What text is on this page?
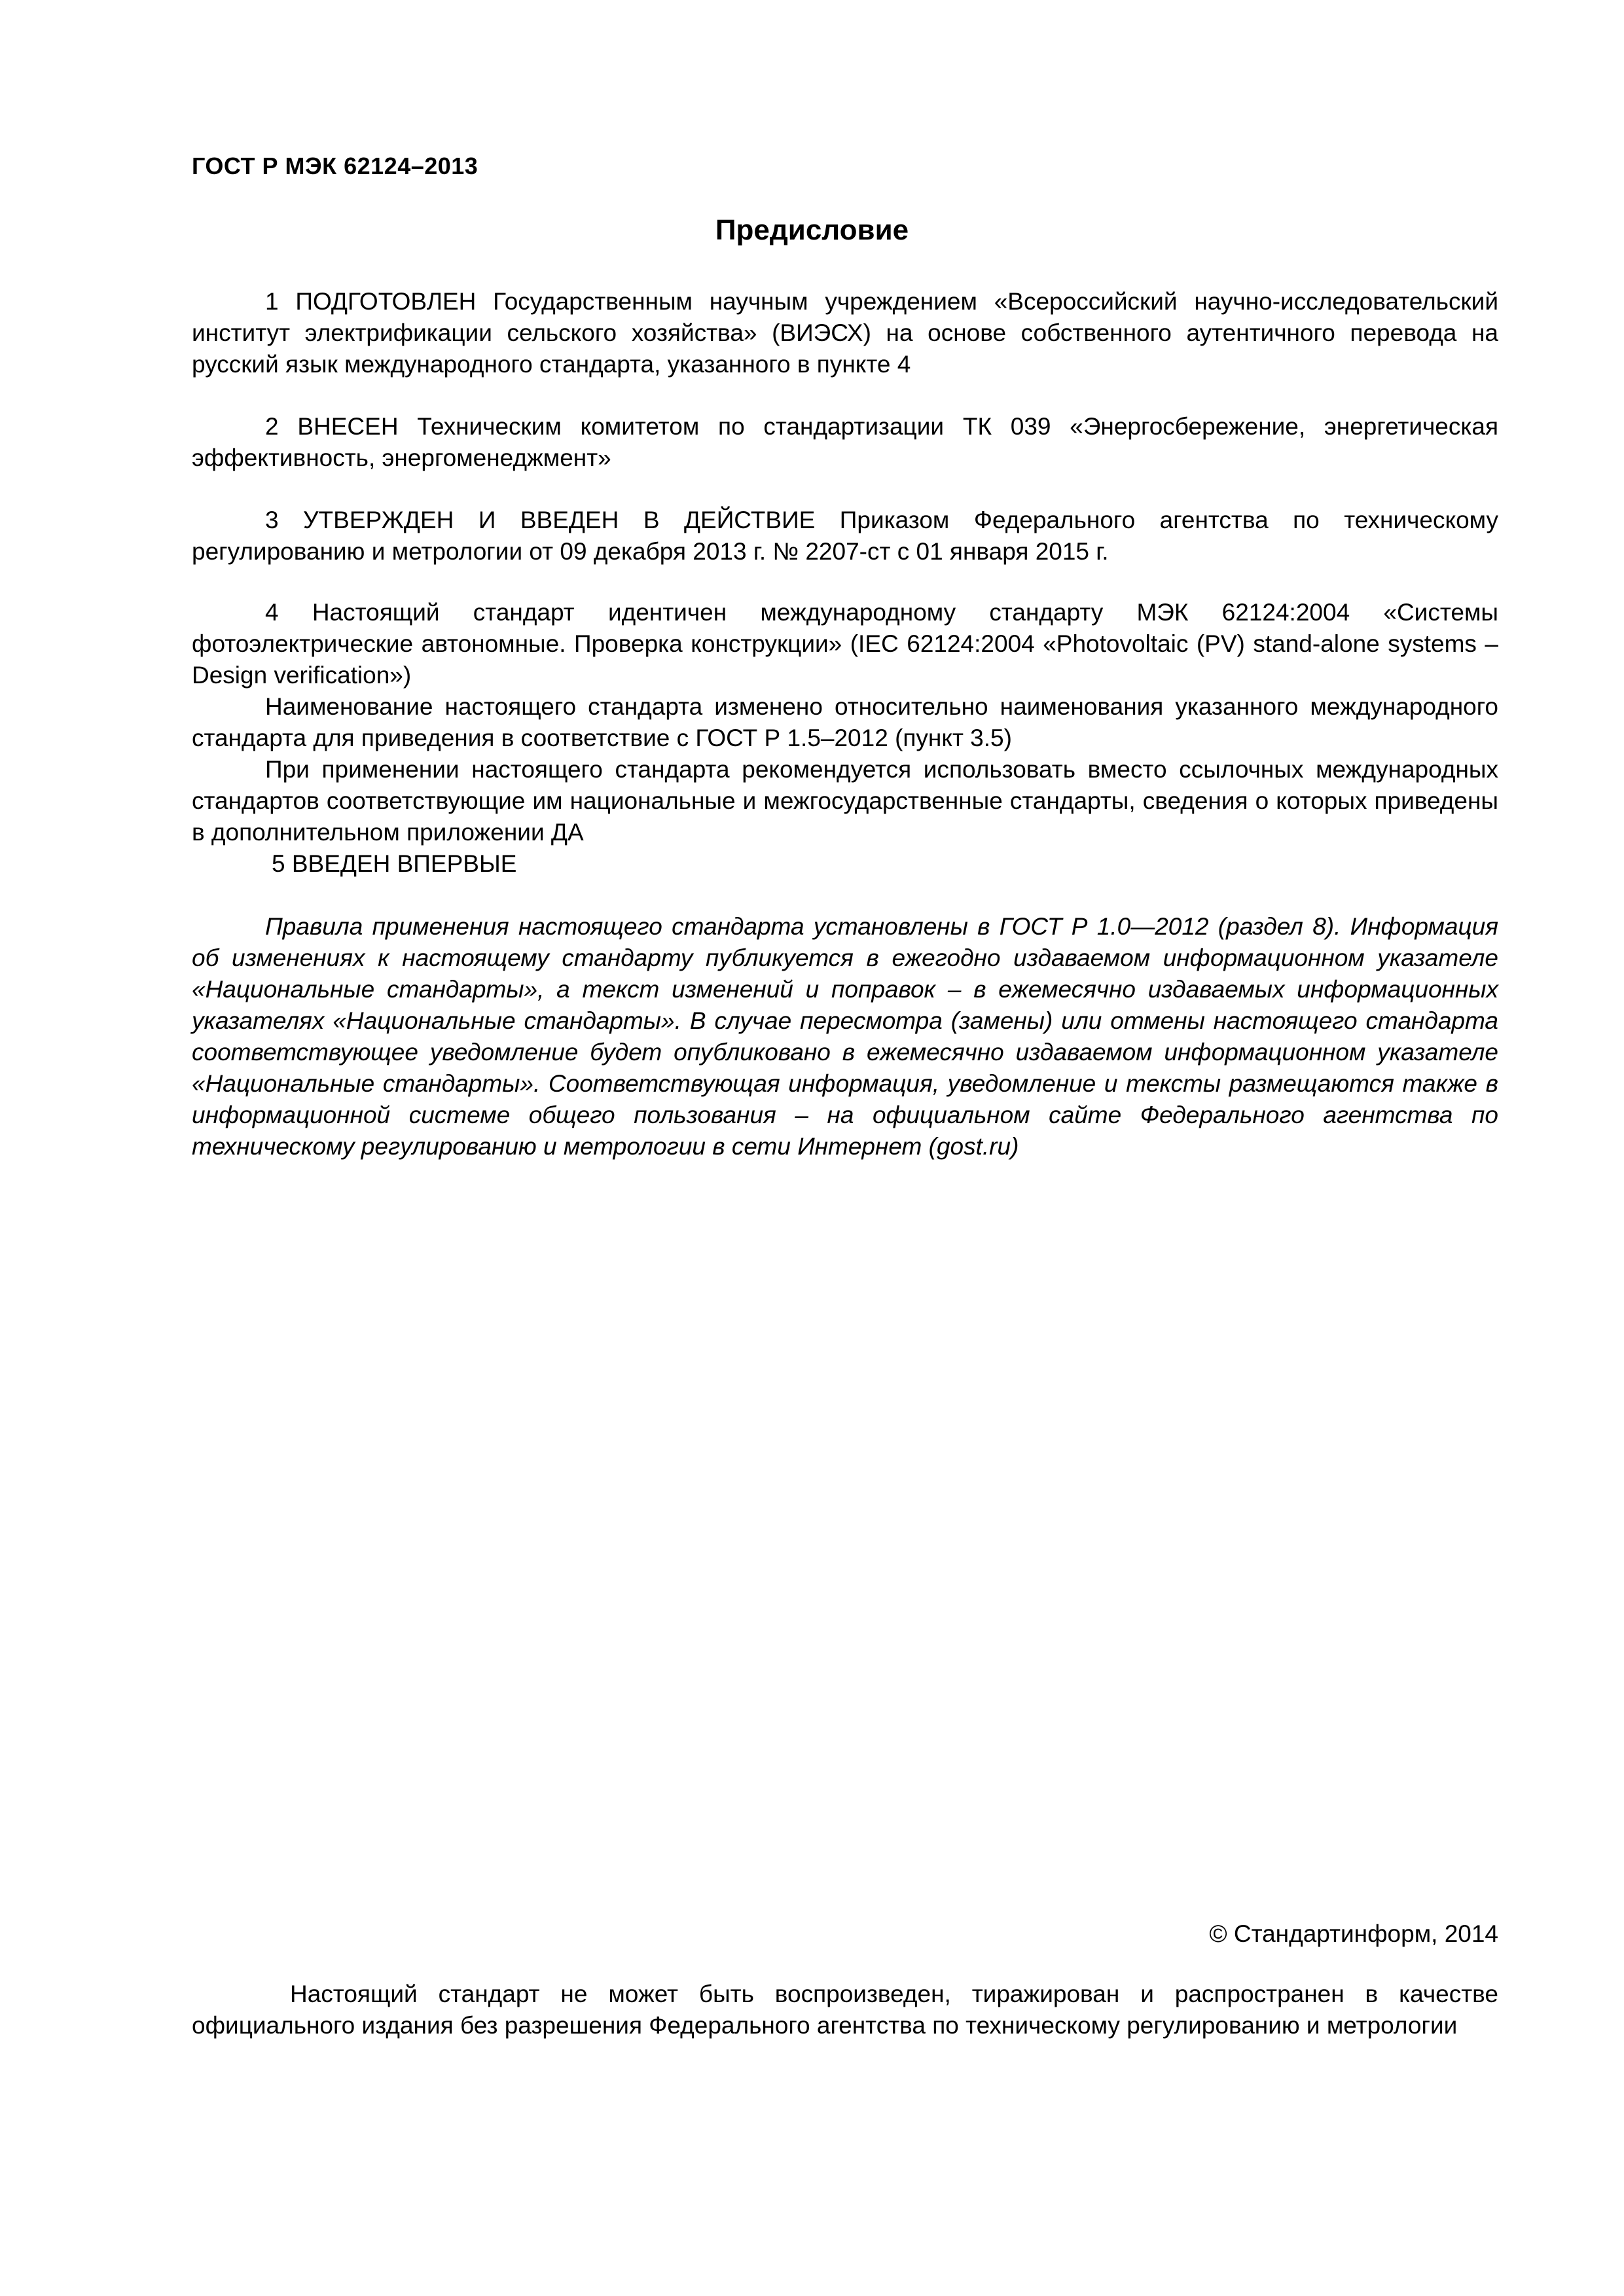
ГОСТ Р МЭК 62124–2013
Предисловие

1 ПОДГОТОВЛЕН Государственным научным учреждением «Всероссийский научно-исследовательский институт электрификации сельского хозяйства» (ВИЭСХ) на основе собственного аутентичного перевода на русский язык международного стандарта, указанного в пункте 4

2 ВНЕСЕН Техническим комитетом по стандартизации ТК 039 «Энергосбережение, энергетическая эффективность, энергоменеджмент»

3 УТВЕРЖДЕН И ВВЕДЕН В ДЕЙСТВИЕ Приказом Федерального агентства по техническому регулированию и метрологии от 09 декабря 2013 г. № 2207-ст с 01 января 2015 г.

4 Настоящий стандарт идентичен международному стандарту МЭК 62124:2004 «Системы фотоэлектрические автономные. Проверка конструкции» (IEC 62124:2004 «Photovoltaic (PV) stand-alone systems – Design verification»)

Наименование настоящего стандарта изменено относительно наименования указанного международного стандарта для приведения в соответствие с ГОСТ Р 1.5–2012 (пункт 3.5)

При применении настоящего стандарта рекомендуется использовать вместо ссылочных международных стандартов соответствующие им национальные и межгосударственные стандарты, сведения о которых приведены в дополнительном приложении ДА

5 ВВЕДЕН ВПЕРВЫЕ

Правила применения настоящего стандарта установлены в ГОСТ Р 1.0—2012 (раздел 8). Информация об изменениях к настоящему стандарту публикуется в ежегодно издаваемом информационном указателе «Национальные стандарты», а текст изменений и поправок – в ежемесячно издаваемых информационных указателях «Национальные стандарты». В случае пересмотра (замены) или отмены настоящего стандарта соответствующее уведомление будет опубликовано в ежемесячно издаваемом информационном указателе «Национальные стандарты». Соответствующая информация, уведомление и тексты размещаются также в информационной системе общего пользования – на официальном сайте Федерального агентства по техническому регулированию и метрологии в сети Интернет (gost.ru)

© Стандартинформ, 2014
Настоящий стандарт не может быть воспроизведен, тиражирован и распространен в качестве официального издания без разрешения Федерального агентства по техническому регулированию и метрологии
